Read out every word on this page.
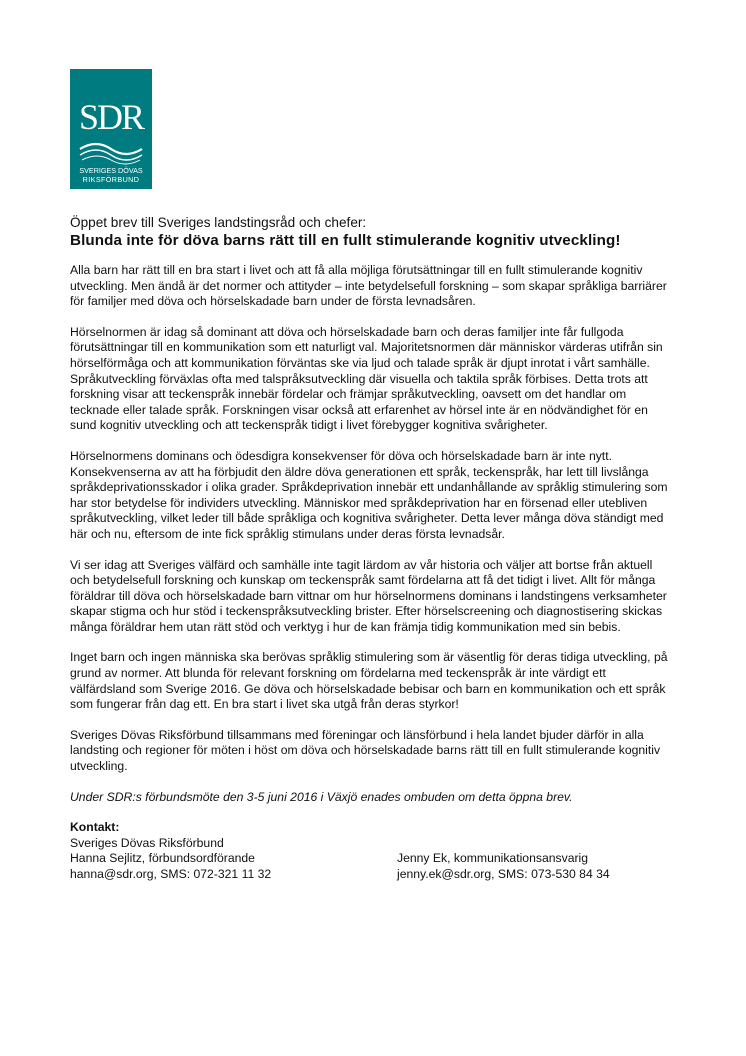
SDR
SVERIGES DÖVAS
RIKSFÖRBUND

Öppet brev till Sveriges landstingsråd och chefer:

Blunda inte för döva barns rätt till en fullt stimulerande kognitiv utveckling!

Alla barn har rätt till en bra start i livet och att få alla möjliga förutsättningar till en fullt stimulerande kognitiv utveckling. Men ändå är det normer och attityder – inte betydelsefull forskning – som skapar språkliga barriärer för familjer med döva och hörselskadade barn under de första levnadsåren.

Hörselnormen är idag så dominant att döva och hörselskadade barn och deras familjer inte får fullgoda förutsättningar till en kommunikation som ett naturligt val. Majoritetsnormen där människor värderas utifrån sin hörselförmåga och att kommunikation förväntas ske via ljud och talade språk är djupt inrotat i vårt samhälle. Språkutveckling förväxlas ofta med talspråksutveckling där visuella och taktila språk förbises. Detta trots att forskning visar att teckenspråk innebär fördelar och främjar språkutveckling, oavsett om det handlar om tecknade eller talade språk. Forskningen visar också att erfarenhet av hörsel inte är en nödvändighet för en sund kognitiv utveckling och att teckenspråk tidigt i livet förebygger kognitiva svårigheter.

Hörselnormens dominans och ödesdigra konsekvenser för döva och hörselskadade barn är inte nytt. Konsekvenserna av att ha förbjudit den äldre döva generationen ett språk, teckenspråk, har lett till livslånga språkdeprivationsskador i olika grader. Språkdeprivation innebär ett undanhållande av språklig stimulering som har stor betydelse för individers utveckling. Människor med språkdeprivation har en försenad eller utebliven språkutveckling, vilket leder till både språkliga och kognitiva svårigheter. Detta lever många döva ständigt med här och nu, eftersom de inte fick språklig stimulans under deras första levnadsår.

Vi ser idag att Sveriges välfärd och samhälle inte tagit lärdom av vår historia och väljer att bortse från aktuell och betydelsefull forskning och kunskap om teckenspråk samt fördelarna att få det tidigt i livet. Allt för många föräldrar till döva och hörselskadade barn vittnar om hur hörselnormens dominans i landstingens verksamheter skapar stigma och hur stöd i teckenspråksutveckling brister. Efter hörselscreening och diagnostisering skickas många föräldrar hem utan rätt stöd och verktyg i hur de kan främja tidig kommunikation med sin bebis.

Inget barn och ingen människa ska berövas språklig stimulering som är väsentlig för deras tidiga utveckling, på grund av normer. Att blunda för relevant forskning om fördelarna med teckenspråk är inte värdigt ett välfärdsland som Sverige 2016. Ge döva och hörselskadade bebisar och barn en kommunikation och ett språk som fungerar från dag ett. En bra start i livet ska utgå från deras styrkor!

Sveriges Dövas Riksförbund tillsammans med föreningar och länsförbund i hela landet bjuder därför in alla landsting och regioner för möten i höst om döva och hörselskadade barns rätt till en fullt stimulerande kognitiv utveckling.

Under SDR:s förbundsmöte den 3-5 juni 2016 i Växjö enades ombuden om detta öppna brev.

Kontakt:
Sveriges Dövas Riksförbund
Hanna Sejlitz, förbundsordförande
hanna@sdr.org, SMS: 072-321 11 32
Jenny Ek, kommunikationsansvarig
jenny.ek@sdr.org, SMS: 073-530 84 34
